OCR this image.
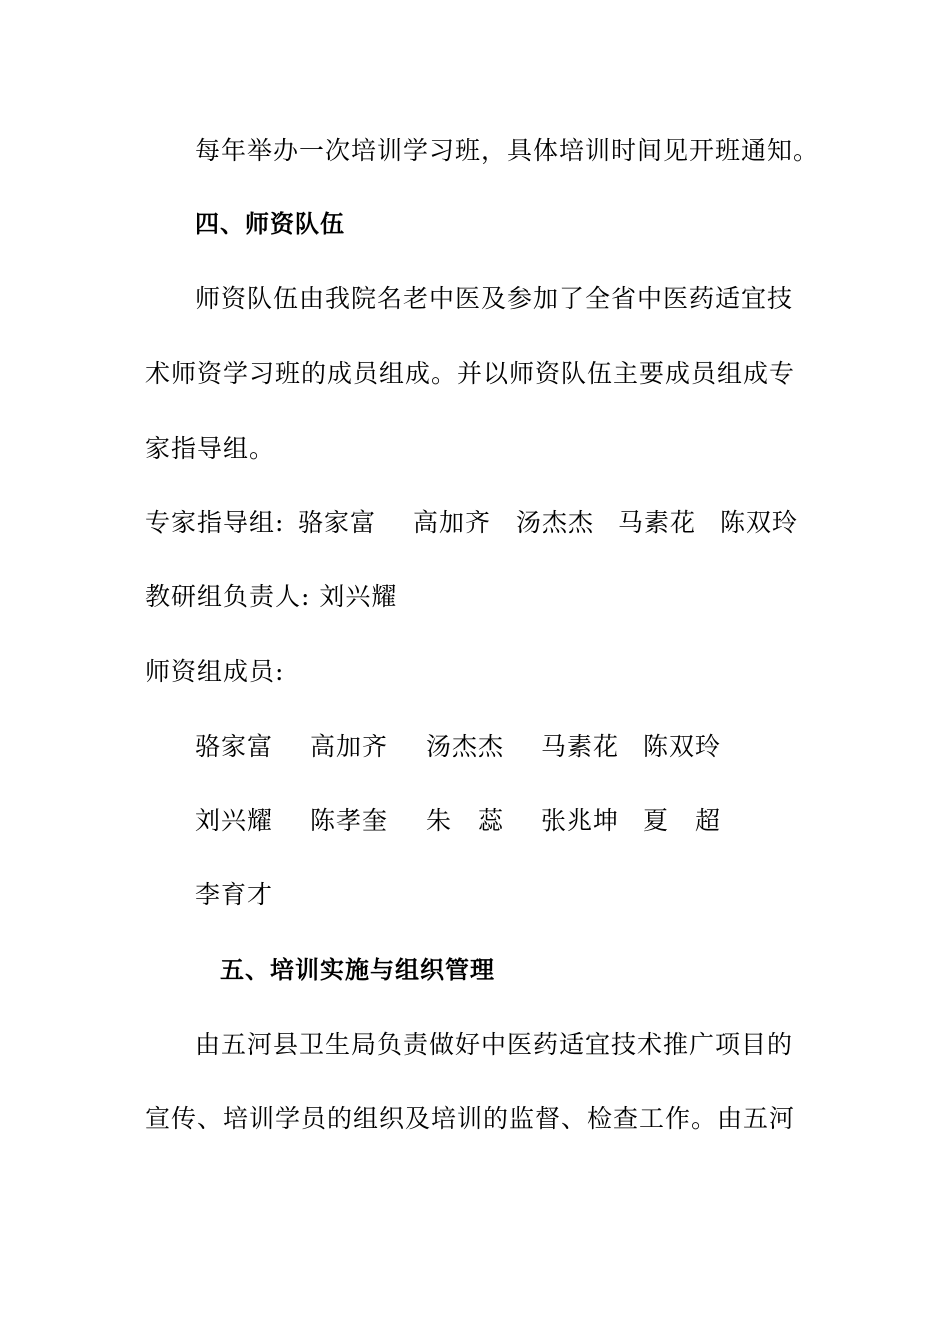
每年举办一次培训学习班，具体培训时间见开班通知。
四、师资队伍
师资队伍由我院名老中医及参加了全省中医药适宜技
术师资学习班的成员组成。并以师资队伍主要成员组成专
家指导组。
专家指导组: 骆家富 高加齐 汤杰杰 马素花 陈双玲
教研组负责人: 刘兴耀
师资组成员:
骆家富 高加齐 汤杰杰 马素花 陈双玲
刘兴耀 陈孝奎 朱　蕊 张兆坤 夏　超
李育才
五、培训实施与组织管理
由五河县卫生局负责做好中医药适宜技术推广项目的
宣传、培训学员的组织及培训的监督、检查工作。由五河
